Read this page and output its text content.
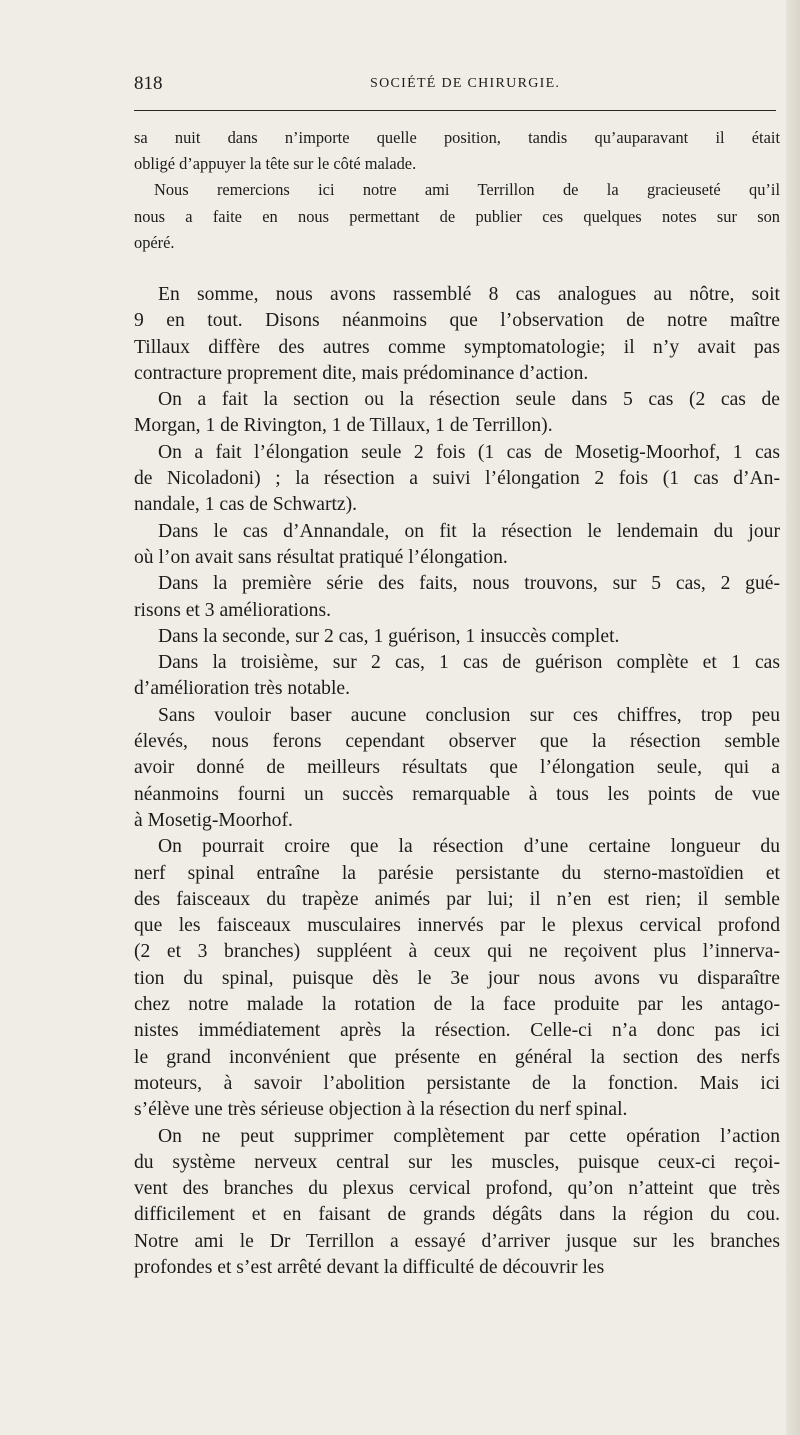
818	SOCIÉTÉ DE CHIRURGIE.

sa nuit dans n’importe quelle position, tandis qu’auparavant il était
obligé d’appuyer la tête sur le côté malade.

Nous remercions ici notre ami Terrillon de la gracieuseté qu’il
nous a faite en nous permettant de publier ces quelques notes sur son
opéré.

En somme, nous avons rassemblé 8 cas analogues au nôtre, soit
9 en tout. Disons néanmoins que l’observation de notre maître
Tillaux diffère des autres comme symptomatologie; il n’y avait pas
contracture proprement dite, mais prédominance d’action.

On a fait la section ou la résection seule dans 5 cas (2 cas de
Morgan, 1 de Rivington, 1 de Tillaux, 1 de Terrillon).

On a fait l’élongation seule 2 fois (1 cas de Mosetig-Moorhof, 1 cas
de Nicoladoni) ; la résection a suivi l’élongation 2 fois (1 cas d’An-
nandale, 1 cas de Schwartz).

Dans le cas d’Annandale, on fit la résection le lendemain du jour
où l’on avait sans résultat pratiqué l’élongation.

Dans la première série des faits, nous trouvons, sur 5 cas, 2 gué-
risons et 3 améliorations.

Dans la seconde, sur 2 cas, 1 guérison, 1 insuccès complet.

Dans la troisième, sur 2 cas, 1 cas de guérison complète et 1 cas
d’amélioration très notable.

Sans vouloir baser aucune conclusion sur ces chiffres, trop peu
élevés, nous ferons cependant observer que la résection semble
avoir donné de meilleurs résultats que l’élongation seule, qui a
néanmoins fourni un succès remarquable à tous les points de vue
à Mosetig-Moorhof.

On pourrait croire que la résection d’une certaine longueur du
nerf spinal entraîne la parésie persistante du sterno-mastoïdien et
des faisceaux du trapèze animés par lui; il n’en est rien; il semble
que les faisceaux musculaires innervés par le plexus cervical profond
(2 et 3 branches) suppléent à ceux qui ne reçoivent plus l’innerva-
tion du spinal, puisque dès le 3e jour nous avons vu disparaître
chez notre malade la rotation de la face produite par les antago-
nistes immédiatement après la résection. Celle-ci n’a donc pas ici
le grand inconvénient que présente en général la section des nerfs
moteurs, à savoir l’abolition persistante de la fonction. Mais ici
s’élève une très sérieuse objection à la résection du nerf spinal.

On ne peut supprimer complètement par cette opération l’action
du système nerveux central sur les muscles, puisque ceux-ci reçoi-
vent des branches du plexus cervical profond, qu’on n’atteint que très
difficilement et en faisant de grands dégâts dans la région du cou.
Notre ami le Dr Terrillon a essayé d’arriver jusque sur les branches
profondes et s’est arrêté devant la difficulté de découvrir les
